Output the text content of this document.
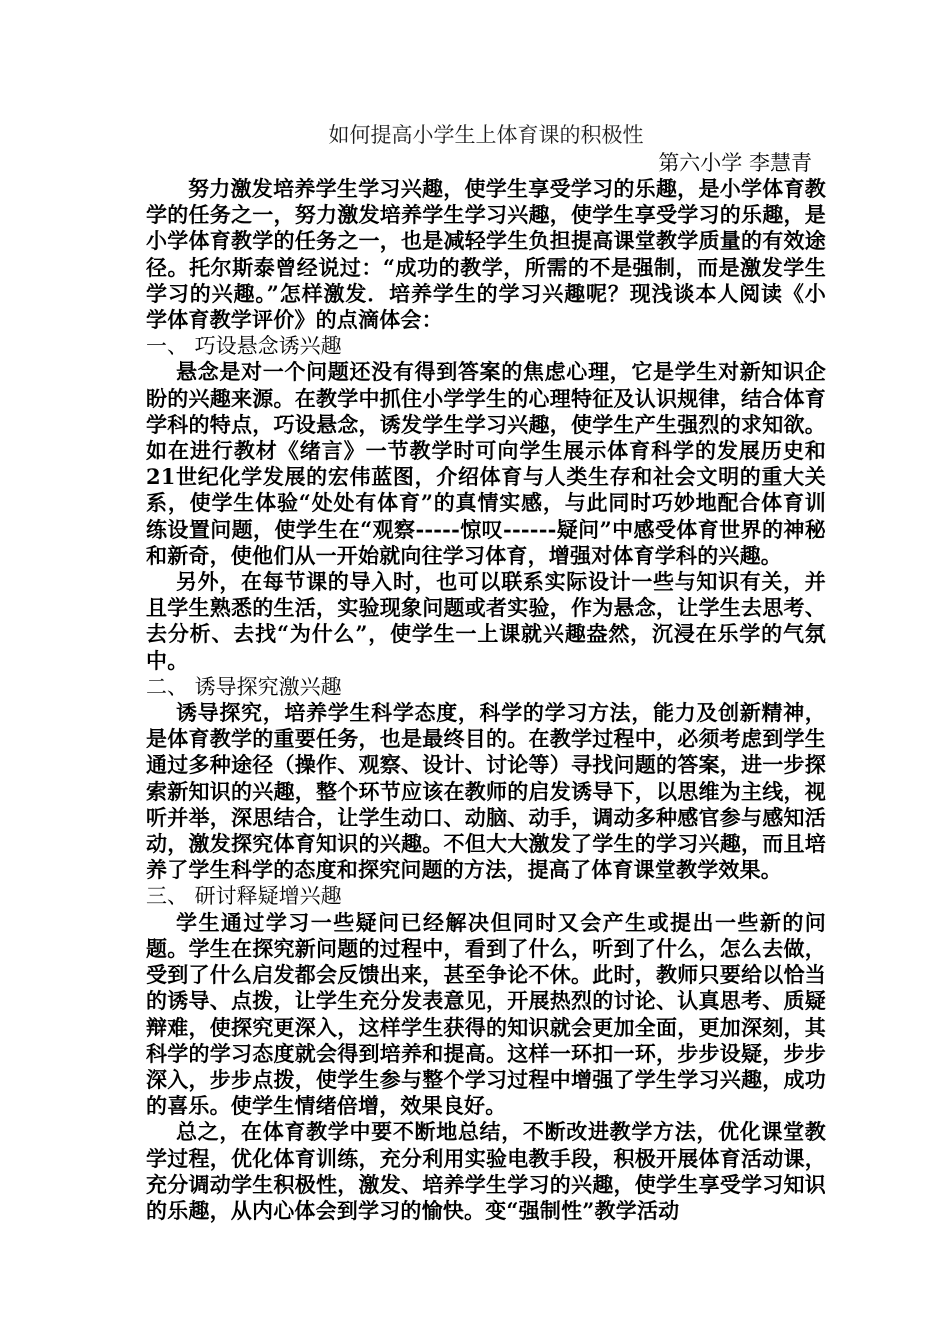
如何提高小学生上体育课的积极性

第六小学 李慧青

努力激发培养学生学习兴趣，使学生享受学习的乐趣，是小学体育教学的任务之一，努力激发培养学生学习兴趣，使学生享受学习的乐趣，是小学体育教学的任务之一，也是减轻学生负担提高课堂教学质量的有效途径。托尔斯泰曾经说过：“成功的教学，所需的不是强制，而是激发学生学习的兴趣。”怎样激发．培养学生的学习兴趣呢？现浅谈本人阅读《小学体育教学评价》的点滴体会：

一、 巧设悬念诱兴趣

悬念是对一个问题还没有得到答案的焦虑心理，它是学生对新知识企盼的兴趣来源。在教学中抓住小学学生的心理特征及认识规律，结合体育学科的特点，巧设悬念，诱发学生学习兴趣，使学生产生强烈的求知欲。如在进行教材《绪言》一节教学时可向学生展示体育科学的发展历史和21世纪化学发展的宏伟蓝图，介绍体育与人类生存和社会文明的重大关系，使学生体验“处处有体育”的真情实感，与此同时巧妙地配合体育训练设置问题，使学生在“观察-----惊叹------疑问”中感受体育世界的神秘和新奇，使他们从一开始就向往学习体育，增强对体育学科的兴趣。

另外，在每节课的导入时，也可以联系实际设计一些与知识有关，并且学生熟悉的生活，实验现象问题或者实验，作为悬念，让学生去思考、去分析、去找“为什么”，使学生一上课就兴趣盎然，沉浸在乐学的气氛中。

二、 诱导探究激兴趣

诱导探究，培养学生科学态度，科学的学习方法，能力及创新精神，是体育教学的重要任务，也是最终目的。在教学过程中，必须考虑到学生通过多种途径（操作、观察、设计、讨论等）寻找问题的答案，进一步探索新知识的兴趣，整个环节应该在教师的启发诱导下，以思维为主线，视听并举，深思结合，让学生动口、动脑、动手，调动多种感官参与感知活动，激发探究体育知识的兴趣。不但大大激发了学生的学习兴趣，而且培养了学生科学的态度和探究问题的方法，提高了体育课堂教学效果。

三、 研讨释疑增兴趣

学生通过学习一些疑问已经解决但同时又会产生或提出一些新的问题。学生在探究新问题的过程中，看到了什么，听到了什么，怎么去做，受到了什么启发都会反馈出来，甚至争论不休。此时，教师只要给以恰当的诱导、点拨，让学生充分发表意见，开展热烈的讨论、认真思考、质疑辩难，使探究更深入，这样学生获得的知识就会更加全面，更加深刻，其科学的学习态度就会得到培养和提高。这样一环扣一环，步步设疑，步步深入，步步点拨，使学生参与整个学习过程中增强了学生学习兴趣，成功的喜乐。使学生情绪倍增，效果良好。

总之，在体育教学中要不断地总结，不断改进教学方法，优化课堂教学过程，优化体育训练，充分利用实验电教手段，积极开展体育活动课，充分调动学生积极性，激发、培养学生学习的兴趣，使学生享受学习知识的乐趣，从内心体会到学习的愉快。变“强制性”教学活动
